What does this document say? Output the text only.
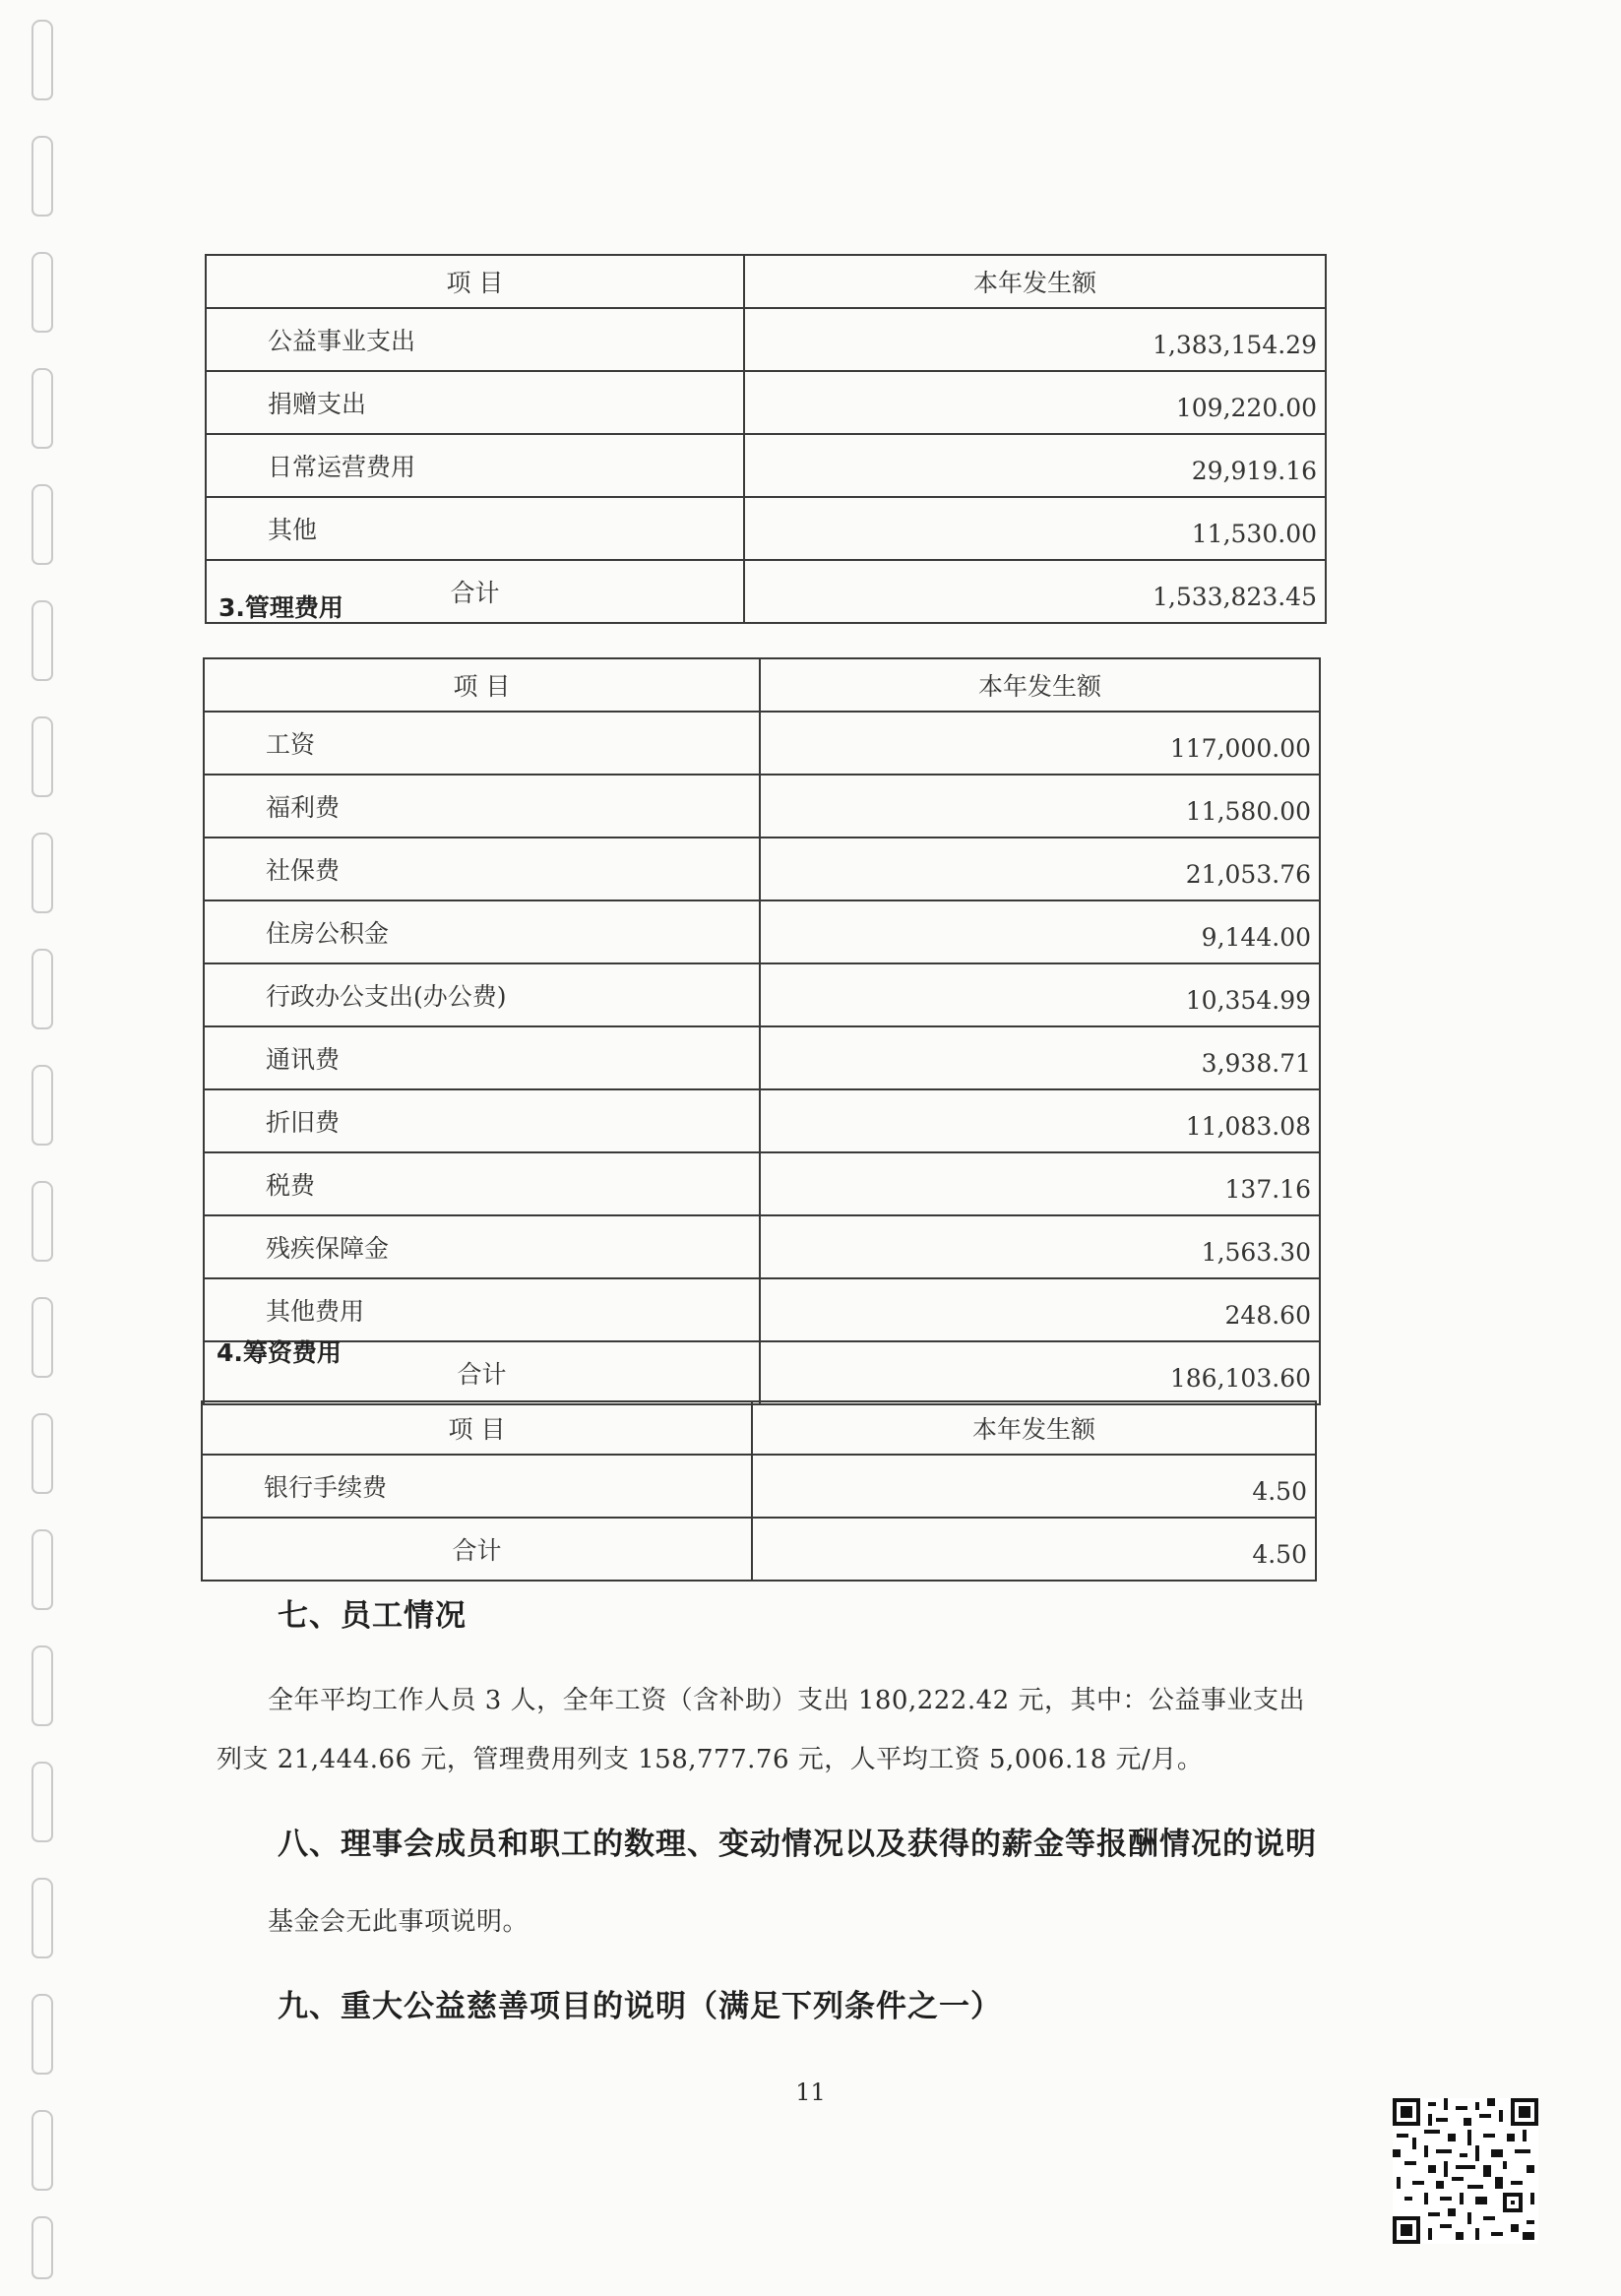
项 目	本年发生额
公益事业支出	1,383,154.29
捐赠支出	109,220.00
日常运营费用	29,919.16
其他	11,530.00
合计	1,533,823.45
3.管理费用
项 目	本年发生额
工资	117,000.00
福利费	11,580.00
社保费	21,053.76
住房公积金	9,144.00
行政办公支出(办公费)	10,354.99
通讯费	3,938.71
折旧费	11,083.08
税费	137.16
残疾保障金	1,563.30
其他费用	248.60
合计	186,103.60
4.筹资费用
项 目	本年发生额
银行手续费	4.50
合计	4.50
七、员工情况
全年平均工作人员 3 人，全年工资（含补助）支出 180,222.42 元，其中：公益事业支出
列支 21,444.66 元，管理费用列支 158,777.76 元，人平均工资 5,006.18 元/月。
八、理事会成员和职工的数理、变动情况以及获得的薪金等报酬情况的说明
基金会无此事项说明。
九、重大公益慈善项目的说明（满足下列条件之一）
11
